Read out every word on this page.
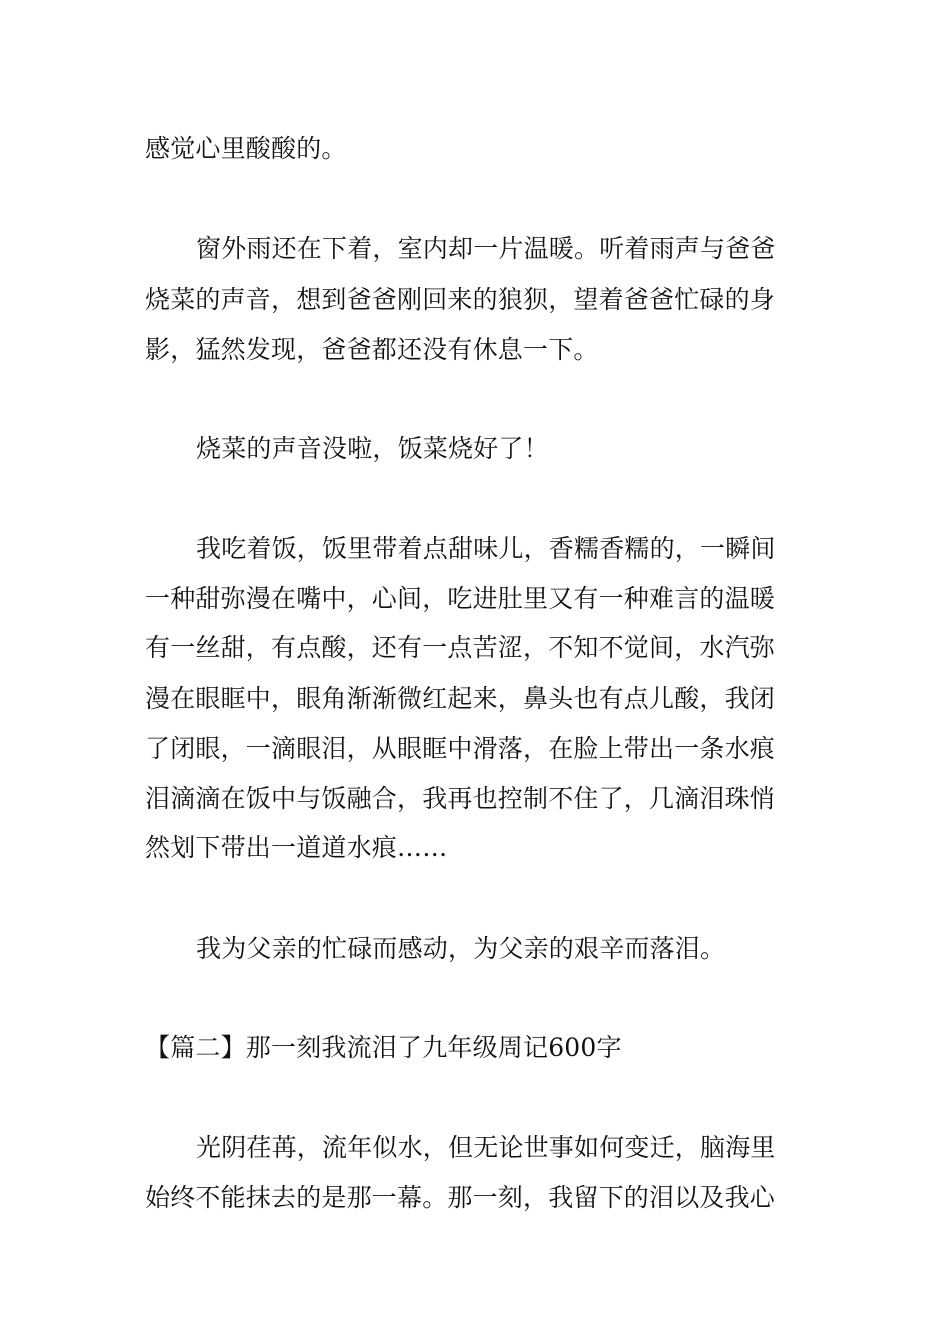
感觉心里酸酸的。
窗外雨还在下着，室内却一片温暖。听着雨声与爸爸
烧菜的声音，想到爸爸刚回来的狼狈，望着爸爸忙碌的身
影，猛然发现，爸爸都还没有休息一下。
烧菜的声音没啦，饭菜烧好了！
我吃着饭，饭里带着点甜味儿，香糯香糯的，一瞬间
一种甜弥漫在嘴中，心间，吃进肚里又有一种难言的温暖
有一丝甜，有点酸，还有一点苦涩，不知不觉间，水汽弥
漫在眼眶中，眼角渐渐微红起来，鼻头也有点儿酸，我闭
了闭眼，一滴眼泪，从眼眶中滑落，在脸上带出一条水痕
泪滴滴在饭中与饭融合，我再也控制不住了，几滴泪珠悄
然划下带出一道道水痕……
我为父亲的忙碌而感动，为父亲的艰辛而落泪。
【篇二】那一刻我流泪了九年级周记600字
光阴荏苒，流年似水，但无论世事如何变迁，脑海里
始终不能抹去的是那一幕。那一刻，我留下的泪以及我心
